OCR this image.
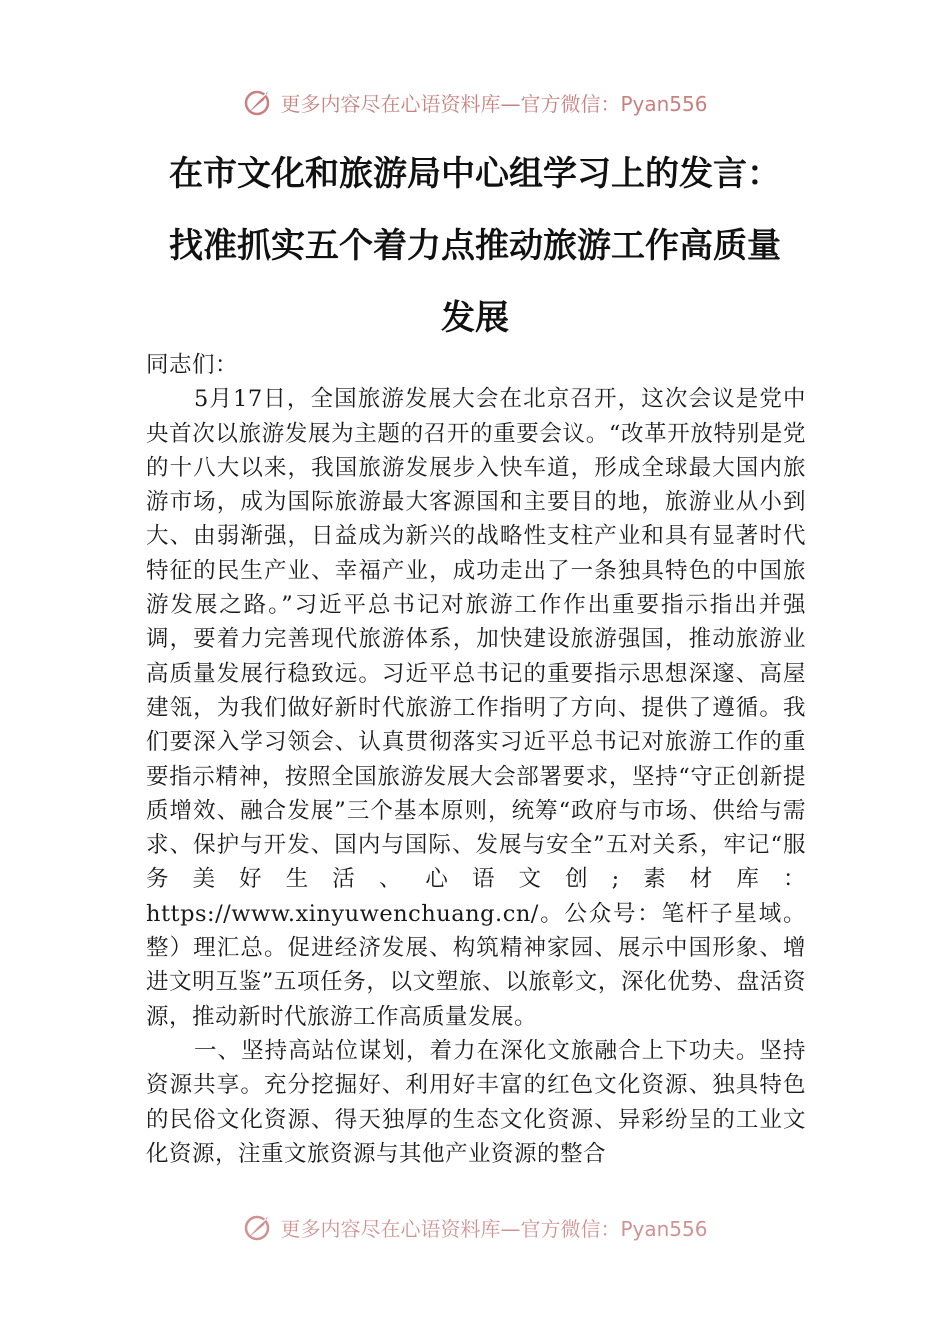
更多内容尽在心语资料库—官方微信：Pyan556
在市文化和旅游局中心组学习上的发言：
找准抓实五个着力点推动旅游工作高质量
发展

同志们：

5月17日，全国旅游发展大会在北京召开，这次会议是党中央首次以旅游发展为主题的召开的重要会议。“改革开放特别是党的十八大以来，我国旅游发展步入快车道，形成全球最大国内旅游市场，成为国际旅游最大客源国和主要目的地，旅游业从小到大、由弱渐强，日益成为新兴的战略性支柱产业和具有显著时代特征的民生产业、幸福产业，成功走出了一条独具特色的中国旅游发展之路。”习近平总书记对旅游工作作出重要指示指出并强调，要着力完善现代旅游体系，加快建设旅游强国，推动旅游业高质量发展行稳致远。习近平总书记的重要指示思想深邃、高屋建瓴，为我们做好新时代旅游工作指明了方向、提供了遵循。我们要深入学习领会、认真贯彻落实习近平总书记对旅游工作的重要指示精神，按照全国旅游发展大会部署要求，坚持“守正创新提质增效、融合发展”三个基本原则，统筹“政府与市场、供给与需求、保护与开发、国内与国际、发展与安全”五对关系，牢记“服务美好生活、心语文创;素材库：https://www.xinyuwenchuang.cn/。公众号：笔杆子星域。整）理汇总。促进经济发展、构筑精神家园、展示中国形象、增进文明互鉴”五项任务，以文塑旅、以旅彰文，深化优势、盘活资源，推动新时代旅游工作高质量发展。

一、坚持高站位谋划，着力在深化文旅融合上下功夫。坚持资源共享。充分挖掘好、利用好丰富的红色文化资源、独具特色的民俗文化资源、得天独厚的生态文化资源、异彩纷呈的工业文化资源，注重文旅资源与其他产业资源的整合

更多内容尽在心语资料库—官方微信：Pyan556
